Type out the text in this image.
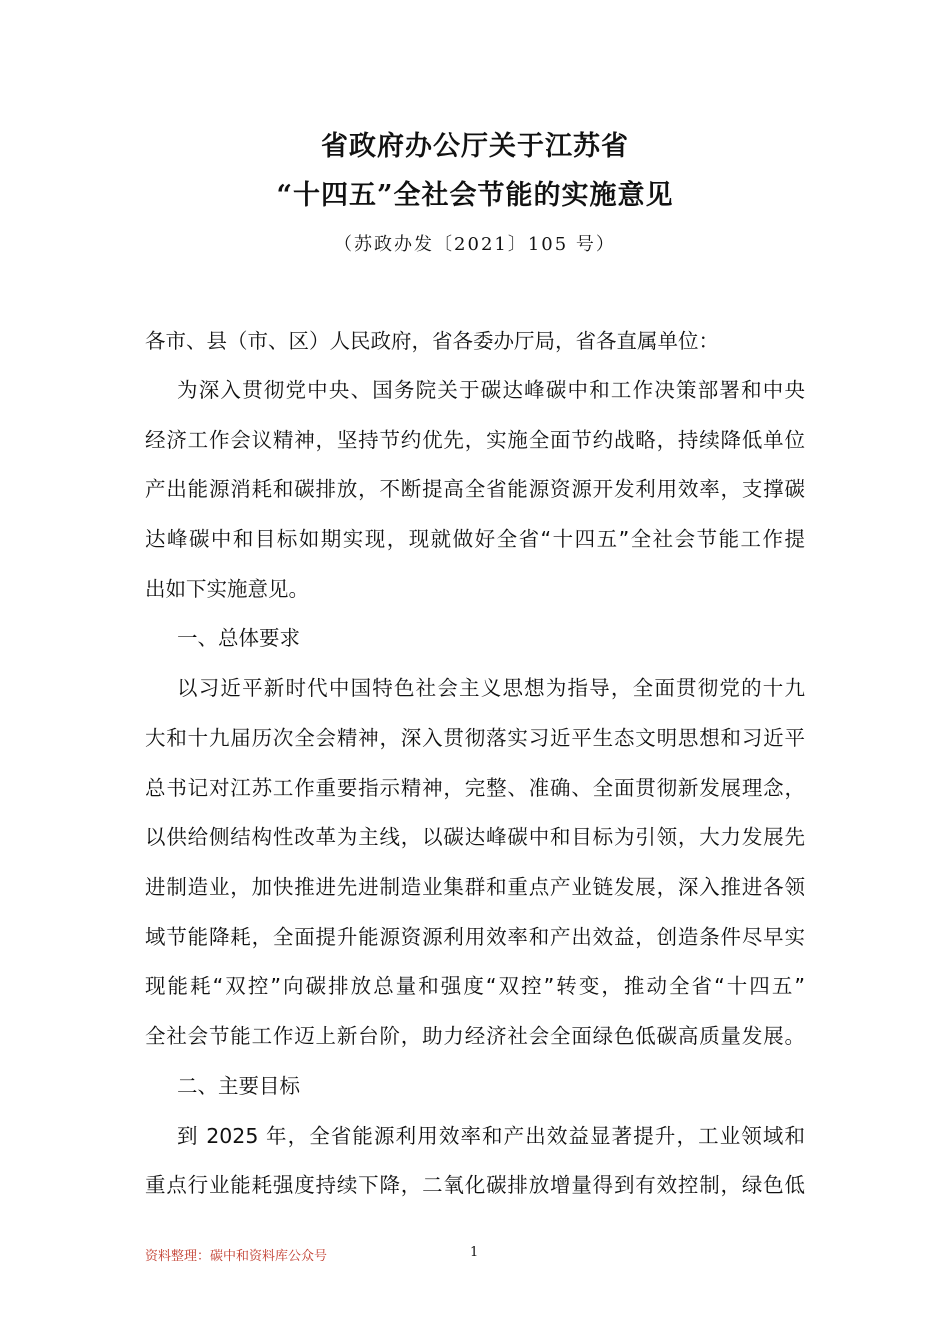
省政府办公厅关于江苏省
“十四五”全社会节能的实施意见
（苏政办发〔2021〕105 号）

各市、县（市、区）人民政府，省各委办厅局，省各直属单位：

为深入贯彻党中央、国务院关于碳达峰碳中和工作决策部署和中央

经济工作会议精神，坚持节约优先，实施全面节约战略，持续降低单位

产出能源消耗和碳排放，不断提高全省能源资源开发利用效率，支撑碳

达峰碳中和目标如期实现，现就做好全省“十四五”全社会节能工作提

出如下实施意见。

一、总体要求

以习近平新时代中国特色社会主义思想为指导，全面贯彻党的十九

大和十九届历次全会精神，深入贯彻落实习近平生态文明思想和习近平

总书记对江苏工作重要指示精神，完整、准确、全面贯彻新发展理念，

以供给侧结构性改革为主线，以碳达峰碳中和目标为引领，大力发展先

进制造业，加快推进先进制造业集群和重点产业链发展，深入推进各领

域节能降耗，全面提升能源资源利用效率和产出效益，创造条件尽早实

现能耗“双控”向碳排放总量和强度“双控”转变，推动全省“十四五”

全社会节能工作迈上新台阶，助力经济社会全面绿色低碳高质量发展。

二、主要目标

到 2025 年，全省能源利用效率和产出效益显著提升，工业领域和

重点行业能耗强度持续下降，二氧化碳排放增量得到有效控制，绿色低

资料整理：碳中和资料库公众号	1
